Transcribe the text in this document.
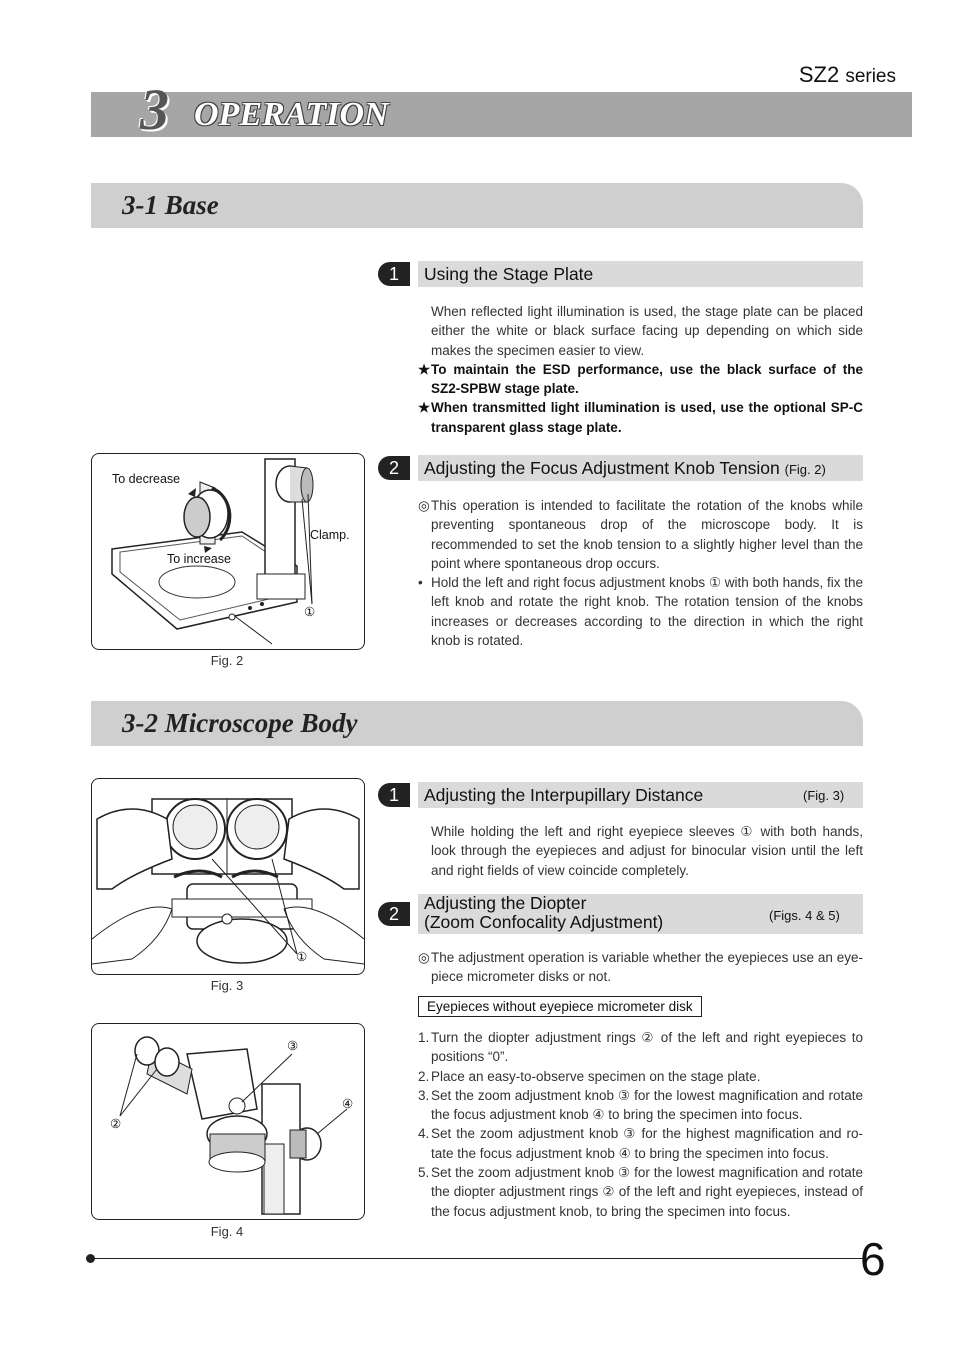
SZ2 series
3 OPERATION
3-1 Base
1	Using the Stage Plate
When reflected light illumination is used, the stage plate can be placed either the white or black surface facing up depending on which side makes the specimen easier to view.
★ To maintain the ESD performance, use the black surface of the SZ2-SPBW stage plate.
★ When transmitted light illumination is used, use the optional SP-C transparent glass stage plate.
To decrease
To increase
Clamp.
①
Fig. 2
2	Adjusting the Focus Adjustment Knob Tension (Fig. 2)
◎ This operation is intended to facilitate the rotation of the knobs while preventing spontaneous drop of the microscope body. It is recommended to set the knob tension to a slightly higher level than the point where spontaneous drop occurs.
• Hold the left and right focus adjustment knobs ① with both hands, fix the left knob and rotate the right knob. The rotation tension of the knobs increases or decreases according to the direction in which the right knob is rotated.
3-2 Microscope Body
①
Fig. 3
②
③
④
Fig. 4
1	Adjusting the Interpupillary Distance	(Fig. 3)
While holding the left and right eyepiece sleeves ① with both hands, look through the eyepieces and adjust for binocular vision until the left and right fields of view coincide completely.
2
Adjusting the Diopter
(Zoom Confocality Adjustment)	(Figs. 4 & 5)
◎ The adjustment operation is variable whether the eyepieces use an eye-piece micrometer disks or not.
Eyepieces without eyepiece micrometer disk
1. Turn the diopter adjustment rings ② of the left and right eyepieces to positions “0”.
2. Place an easy-to-observe specimen on the stage plate.
3. Set the zoom adjustment knob ③ for the lowest magnification and rotate the focus adjustment knob ④ to bring the specimen into focus.
4. Set the zoom adjustment knob ③ for the highest magnification and ro-tate the focus adjustment knob ④ to bring the specimen into focus.
5. Set the zoom adjustment knob ③ for the lowest magnification and rotate the diopter adjustment rings ② of the left and right eyepieces, instead of the focus adjustment knob, to bring the specimen into focus.
6
